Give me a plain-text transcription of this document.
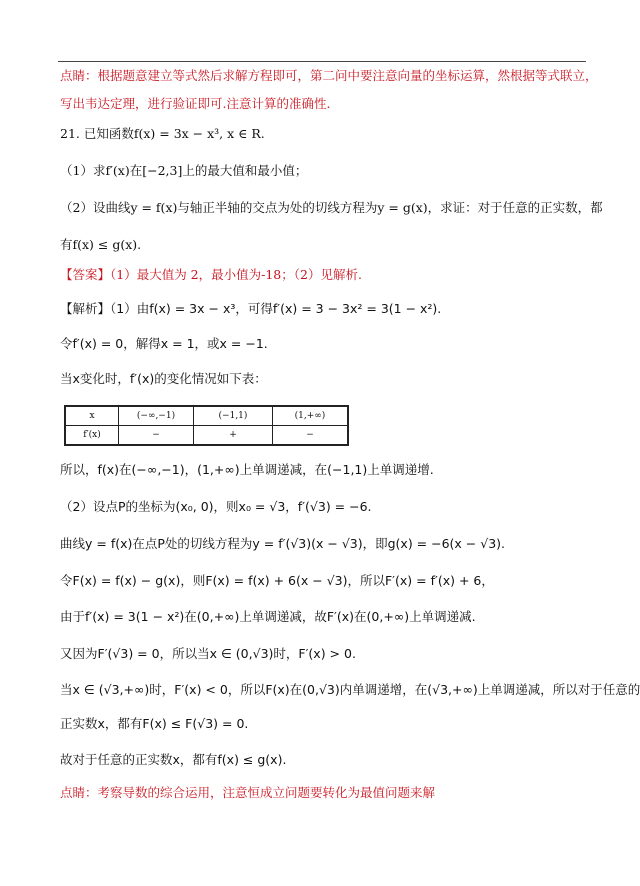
点睛：根据题意建立等式然后求解方程即可，第二问中要注意向量的坐标运算，然根据等式联立，
写出韦达定理，进行验证即可.注意计算的准确性.
21. 已知函数f(x) = 3x − x³, x ∈ R.
（1）求f′(x)在[−2,3]上的最大值和最小值；
（2）设曲线y = f(x)与轴正半轴的交点为处的切线方程为y = g(x)，求证：对于任意的正实数，都
有f(x) ≤ g(x).
【答案】（1）最大值为 2，最小值为-18；（2）见解析.
【解析】（1）由f(x) = 3x − x³，可得f′(x) = 3 − 3x² = 3(1 − x²).
令f′(x) = 0，解得x = 1，或x = −1.
当x变化时，f′(x)的变化情况如下表：
x	(−∞,−1)	(−1,1)	(1,+∞)
f′(x)	−	+	−
所以，f(x)在(−∞,−1)，(1,+∞)上单调递减，在(−1,1)上单调递增.
（2）设点P的坐标为(x₀, 0)，则x₀ = √3，f′(√3) = −6.
曲线y = f(x)在点P处的切线方程为y = f′(√3)(x − √3)，即g(x) = −6(x − √3).
令F(x) = f(x) − g(x)，则F(x) = f(x) + 6(x − √3)，所以F′(x) = f′(x) + 6，
由于f′(x) = 3(1 − x²)在(0,+∞)上单调递减，故F′(x)在(0,+∞)上单调递减.
又因为F′(√3) = 0，所以当x ∈ (0,√3)时，F′(x) > 0.
当x ∈ (√3,+∞)时，F′(x) < 0，所以F(x)在(0,√3)内单调递增，在(√3,+∞)上单调递减，所以对于任意的
正实数x，都有F(x) ≤ F(√3) = 0.
故对于任意的正实数x，都有f(x) ≤ g(x).
点睛：考察导数的综合运用，注意恒成立问题要转化为最值问题来解
